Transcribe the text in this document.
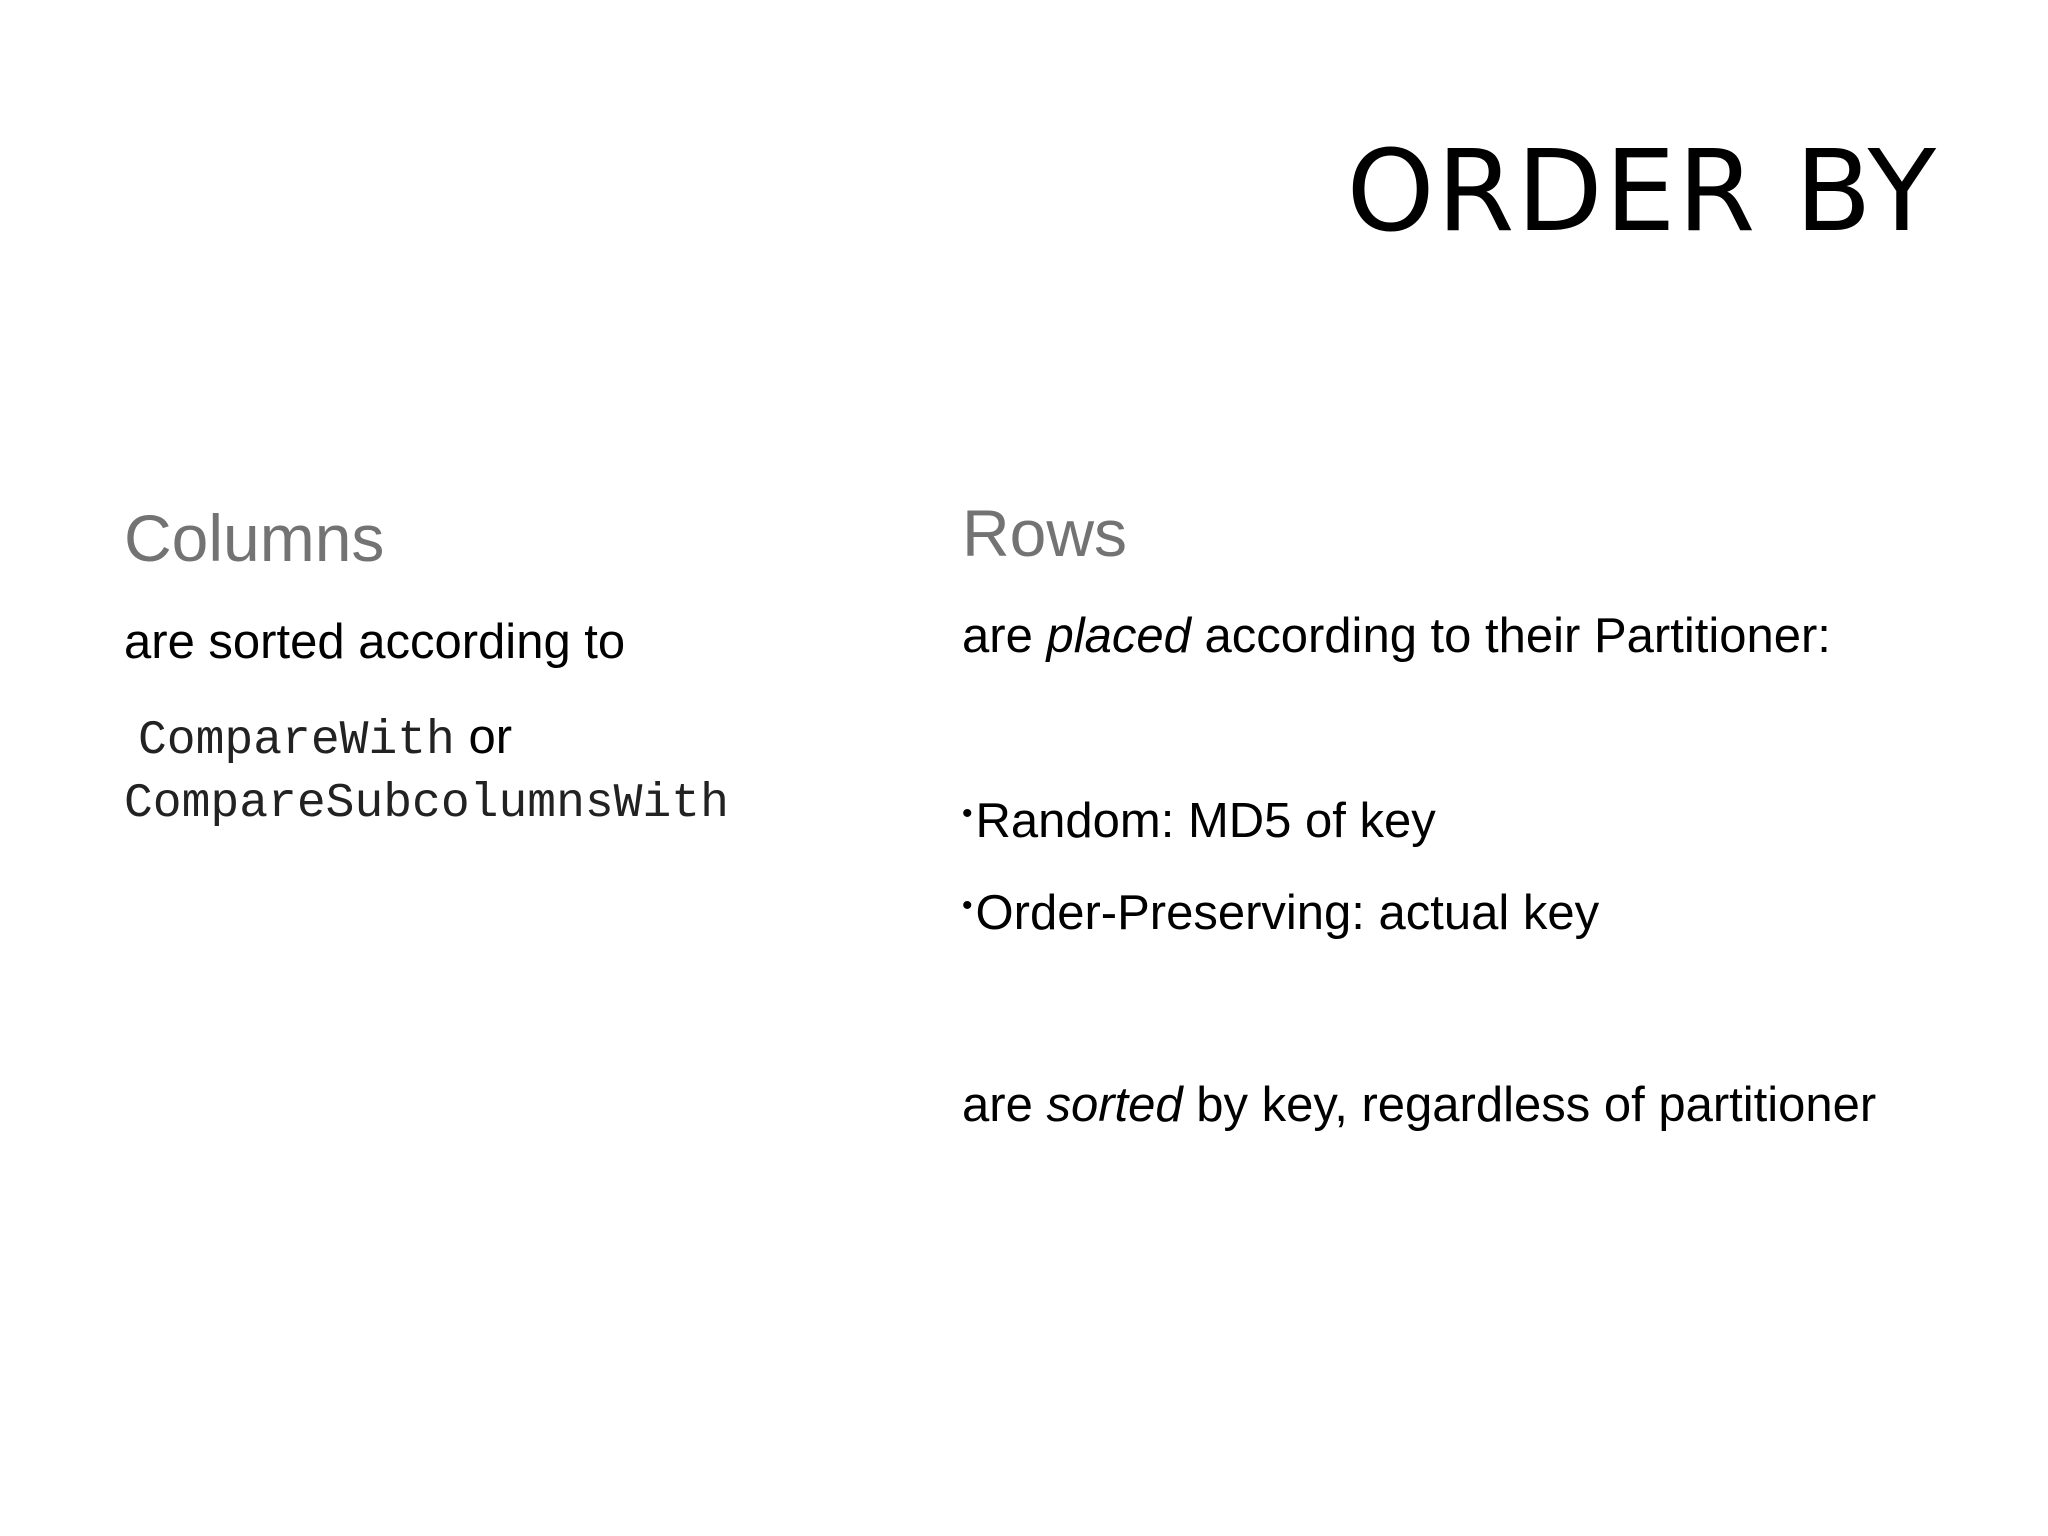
ORDER BY
Columns
are sorted according to
CompareWith or
CompareSubcolumnsWith
Rows
are placed according to their Partitioner:
•Random: MD5 of key
•Order-Preserving: actual key
are sorted by key, regardless of partitioner
